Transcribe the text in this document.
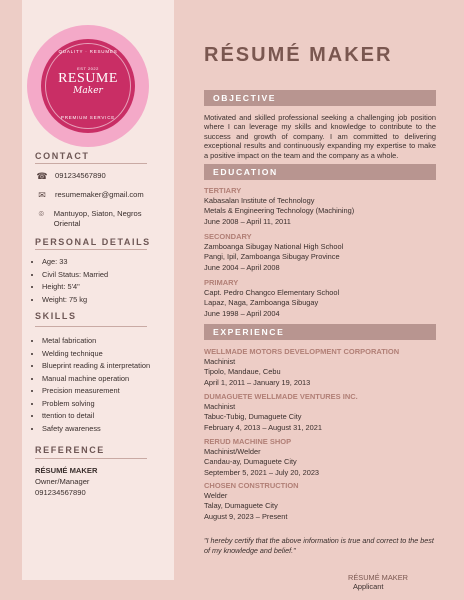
QUALITY · RESUMES
EST 2022
RESUME
Maker
PREMIUM SERVICE
CONTACT
☎ 091234567890
✉	resumemaker@gmail.com
⌾	Mantuyop, Siaton, Negros Oriental
PERSONAL DETAILS
• Age: 33
• Civil Status: Married
• Height: 5'4"
• Weight: 75 kg
SKILLS
• Metal fabrication
• Welding technique
• Blueprint reading & interpretation
• Manual machine operation
• Precision measurement
• Problem solving
• ttention to detail
• Safety awareness
REFERENCE
RÉSUMÉ MAKER
Owner/Manager
091234567890
RÉSUMÉ MAKER
OBJECTIVE
Motivated and skilled professional seeking a challenging job position where I can leverage my skills and knowledge to contribute to the success and growth of company. I am committed to delivering exceptional results and continuously expanding my expertise to make a positive impact on the team and the company as a whole.
EDUCATION
TERTIARY
Kabasalan Institute of Technology
Metals & Engineering Technology (Machining)
June 2008 – April 11, 2011
SECONDARY
Zamboanga Sibugay National High School
Pangi, Ipil, Zamboanga Sibugay Province
June 2004 – April 2008
PRIMARY
Capt. Pedro Changco Elementary School
Lapaz, Naga, Zamboanga Sibugay
June 1998 – April 2004
EXPERIENCE
WELLMADE MOTORS DEVELOPMENT CORPORATION
Machinist
Tipolo, Mandaue, Cebu
April 1, 2011 – January 19, 2013
DUMAGUETE WELLMADE VENTURES INC.
Machinist
Tabuc-Tubig, Dumaguete City
February 4, 2013 – August 31, 2021
RERUD MACHINE SHOP
Machinist/Welder
Candau-ay, Dumaguete City
September 5, 2021 – July 20, 2023
CHOSEN CONSTRUCTION
Welder
Talay, Dumaguete City
August 9, 2023 – Present
"I hereby certify that the above information is true and correct to the best of my knowledge and belief."
RÉSUMÉ MAKER
Applicant
